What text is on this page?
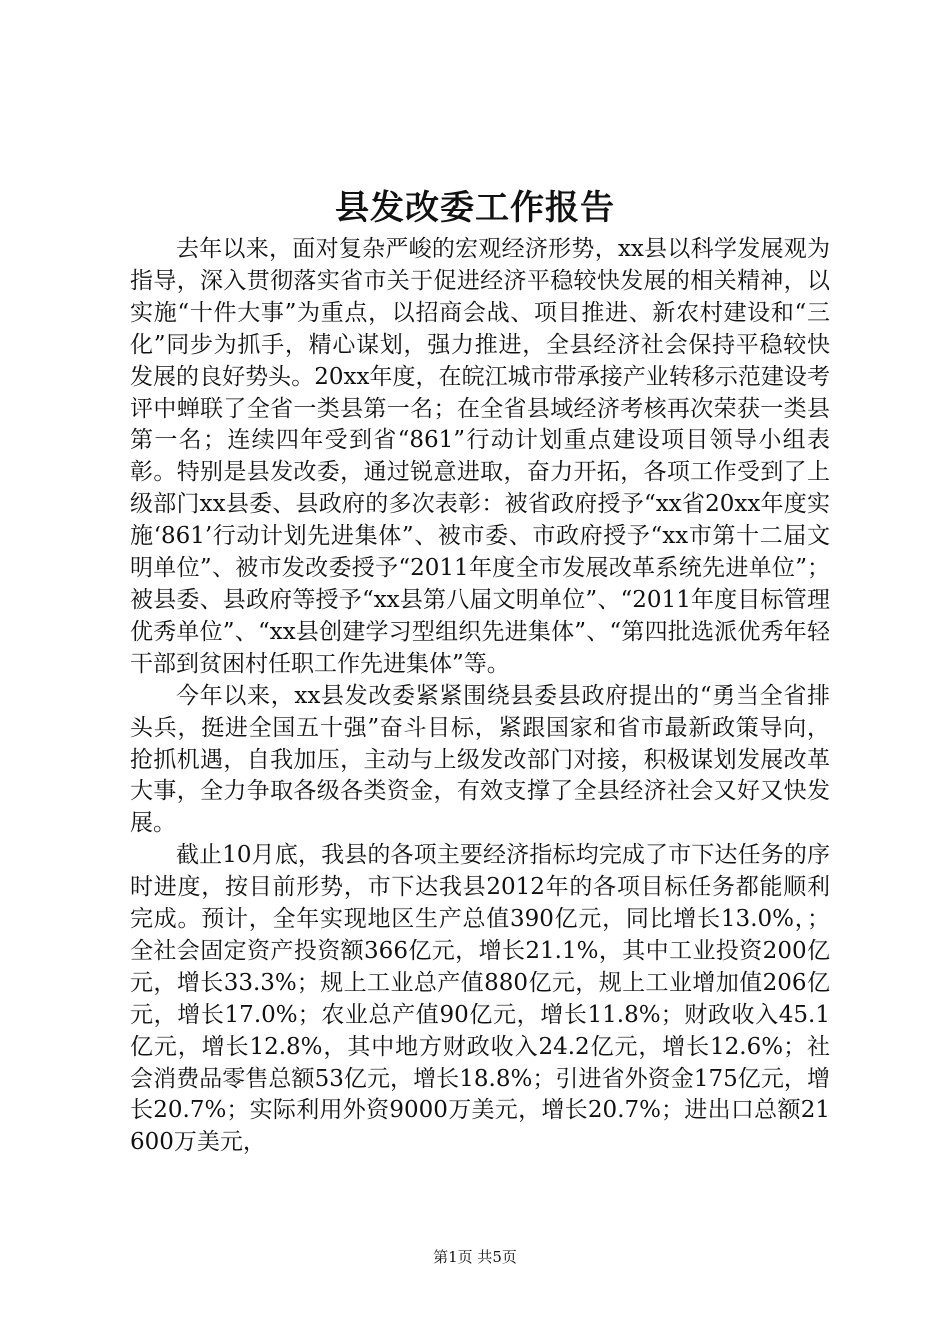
县发改委工作报告

去年以来，面对复杂严峻的宏观经济形势，xx县以科学发展观为指导，深入贯彻落实省市关于促进经济平稳较快发展的相关精神，以实施“十件大事”为重点，以招商会战、项目推进、新农村建设和“三化”同步为抓手，精心谋划，强力推进，全县经济社会保持平稳较快发展的良好势头。20xx年度，在皖江城市带承接产业转移示范建设考评中蝉联了全省一类县第一名；在全省县域经济考核再次荣获一类县第一名；连续四年受到省“861”行动计划重点建设项目领导小组表彰。特别是县发改委，通过锐意进取，奋力开拓，各项工作受到了上级部门xx县委、县政府的多次表彰：被省政府授予“xx省20xx年度实施‘861’行动计划先进集体”、被市委、市政府授予“xx市第十二届文明单位”、被市发改委授予“2011年度全市发展改革系统先进单位”；被县委、县政府等授予“xx县第八届文明单位”、“2011年度目标管理优秀单位”、“xx县创建学习型组织先进集体”、“第四批选派优秀年轻干部到贫困村任职工作先进集体”等。

今年以来，xx县发改委紧紧围绕县委县政府提出的“勇当全省排头兵，挺进全国五十强”奋斗目标，紧跟国家和省市最新政策导向，抢抓机遇，自我加压，主动与上级发改部门对接，积极谋划发展改革大事，全力争取各级各类资金，有效支撑了全县经济社会又好又快发展。

截止10月底，我县的各项主要经济指标均完成了市下达任务的序时进度，按目前形势，市下达我县2012年的各项目标任务都能顺利完成。预计，全年实现地区生产总值390亿元，同比增长13.0%，；全社会固定资产投资额366亿元，增长21.1%，其中工业投资200亿元，增长33.3%；规上工业总产值880亿元，规上工业增加值206亿元，增长17.0%；农业总产值90亿元，增长11.8%；财政收入45.1亿元，增长12.8%，其中地方财政收入24.2亿元，增长12.6%；社会消费品零售总额53亿元，增长18.8%；引进省外资金175亿元，增长20.7%；实际利用外资9000万美元，增长20.7%；进出口总额21600万美元，

第1页 共5页
